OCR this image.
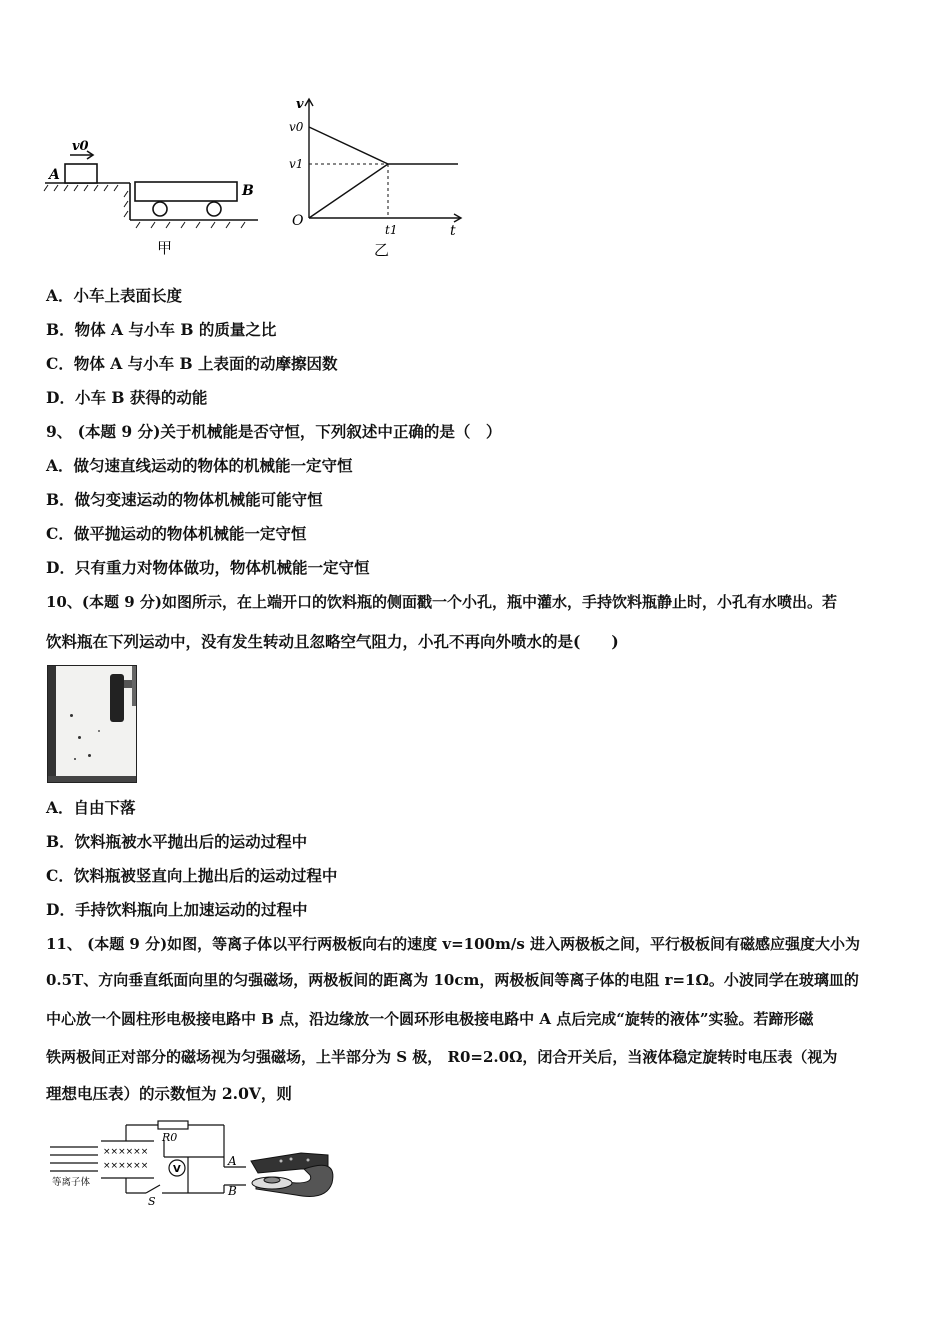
v0
A
B
甲
v
v0
v1
O
t1	t
乙
A．小车上表面长度
B．物体 A 与小车 B 的质量之比
C．物体 A 与小车 B 上表面的动摩擦因数
D．小车 B 获得的动能
9、 (本题 9 分)关于机械能是否守恒，下列叙述中正确的是（　）
A．做匀速直线运动的物体的机械能一定守恒
B．做匀变速运动的物体机械能可能守恒
C．做平抛运动的物体机械能一定守恒
D．只有重力对物体做功，物体机械能一定守恒
10、(本题 9 分)如图所示，在上端开口的饮料瓶的侧面戳一个小孔，瓶中灌水，手持饮料瓶静止时，小孔有水喷出。若
饮料瓶在下列运动中，没有发生转动且忽略空气阻力，小孔不再向外喷水的是(　　)
A．自由下落
B．饮料瓶被水平抛出后的运动过程中
C．饮料瓶被竖直向上抛出后的运动过程中
D．手持饮料瓶向上加速运动的过程中
11、 (本题 9 分)如图，等离子体以平行两极板向右的速度 v=100m/s 进入两极板之间，平行极板间有磁感应强度大小为
0.5T、方向垂直纸面向里的匀强磁场，两极板间的距离为 10cm，两极板间等离子体的电阻 r=1Ω。小波同学在玻璃皿的
中心放一个圆柱形电极接电路中 B 点，沿边缘放一个圆环形电极接电路中 A 点后完成“旋转的液体”实验。若蹄形磁
铁两极间正对部分的磁场视为匀强磁场，上半部分为 S 极， R0=2.0Ω，闭合开关后，当液体稳定旋转时电压表（视为
理想电压表）的示数恒为 2.0V，则
V
××××××
××××××
R0
A
B
S
等离子体
